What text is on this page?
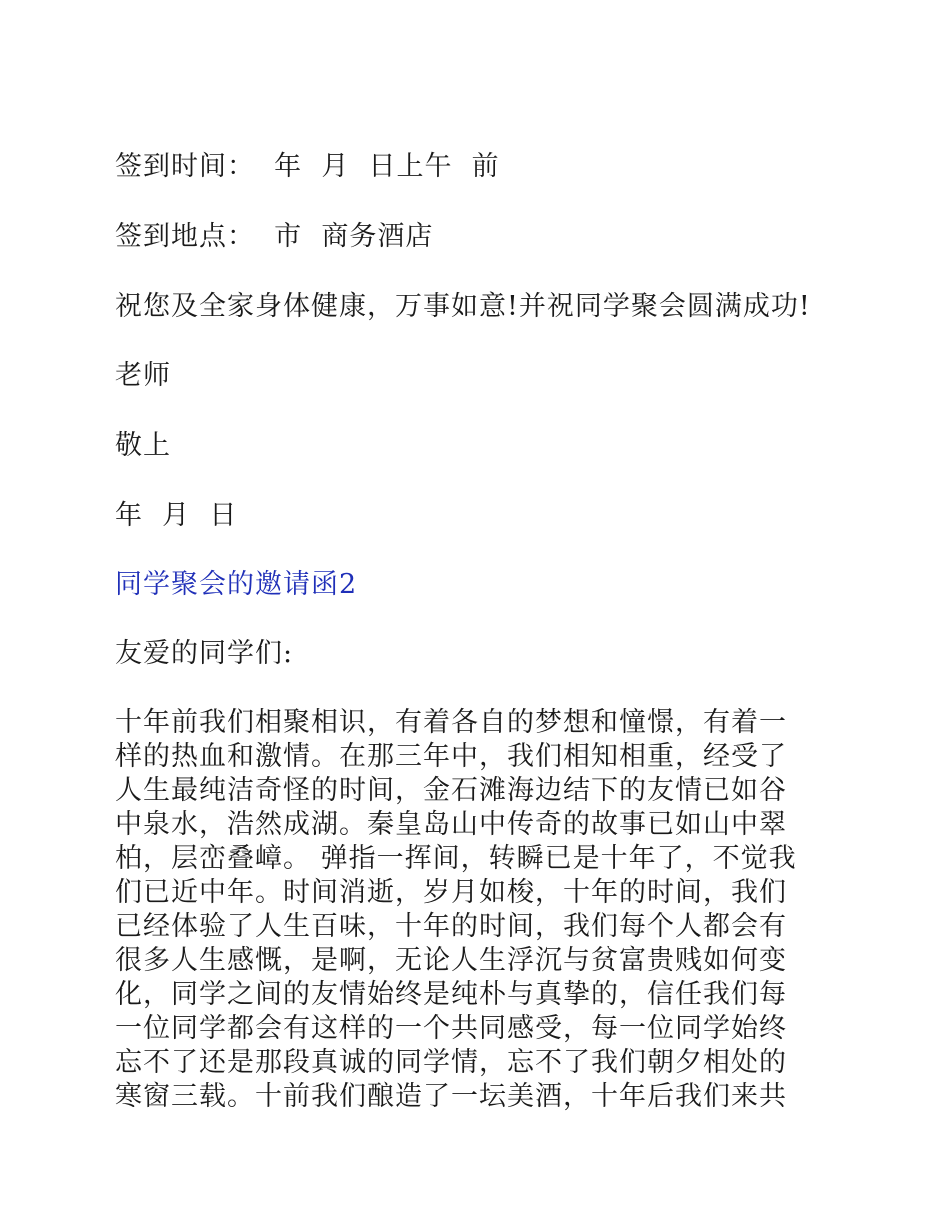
签到时间：  年  月  日上午  前
签到地点：  市  商务酒店
祝您及全家身体健康，万事如意!并祝同学聚会圆满成功!
老师
敬上
年  月  日
同学聚会的邀请函2
友爱的同学们:
十年前我们相聚相识，有着各自的梦想和憧憬，有着一
样的热血和激情。在那三年中，我们相知相重，经受了
人生最纯洁奇怪的时间，金石滩海边结下的友情已如谷
中泉水，浩然成湖。秦皇岛山中传奇的故事已如山中翠
柏，层峦叠嶂。 弹指一挥间，转瞬已是十年了，不觉我
们已近中年。时间消逝，岁月如梭，十年的时间，我们
已经体验了人生百味，十年的时间，我们每个人都会有
很多人生感慨，是啊，无论人生浮沉与贫富贵贱如何变
化，同学之间的友情始终是纯朴与真挚的，信任我们每
一位同学都会有这样的一个共同感受，每一位同学始终
忘不了还是那段真诚的同学情，忘不了我们朝夕相处的
寒窗三载。十前我们酿造了一坛美酒，十年后我们来共
